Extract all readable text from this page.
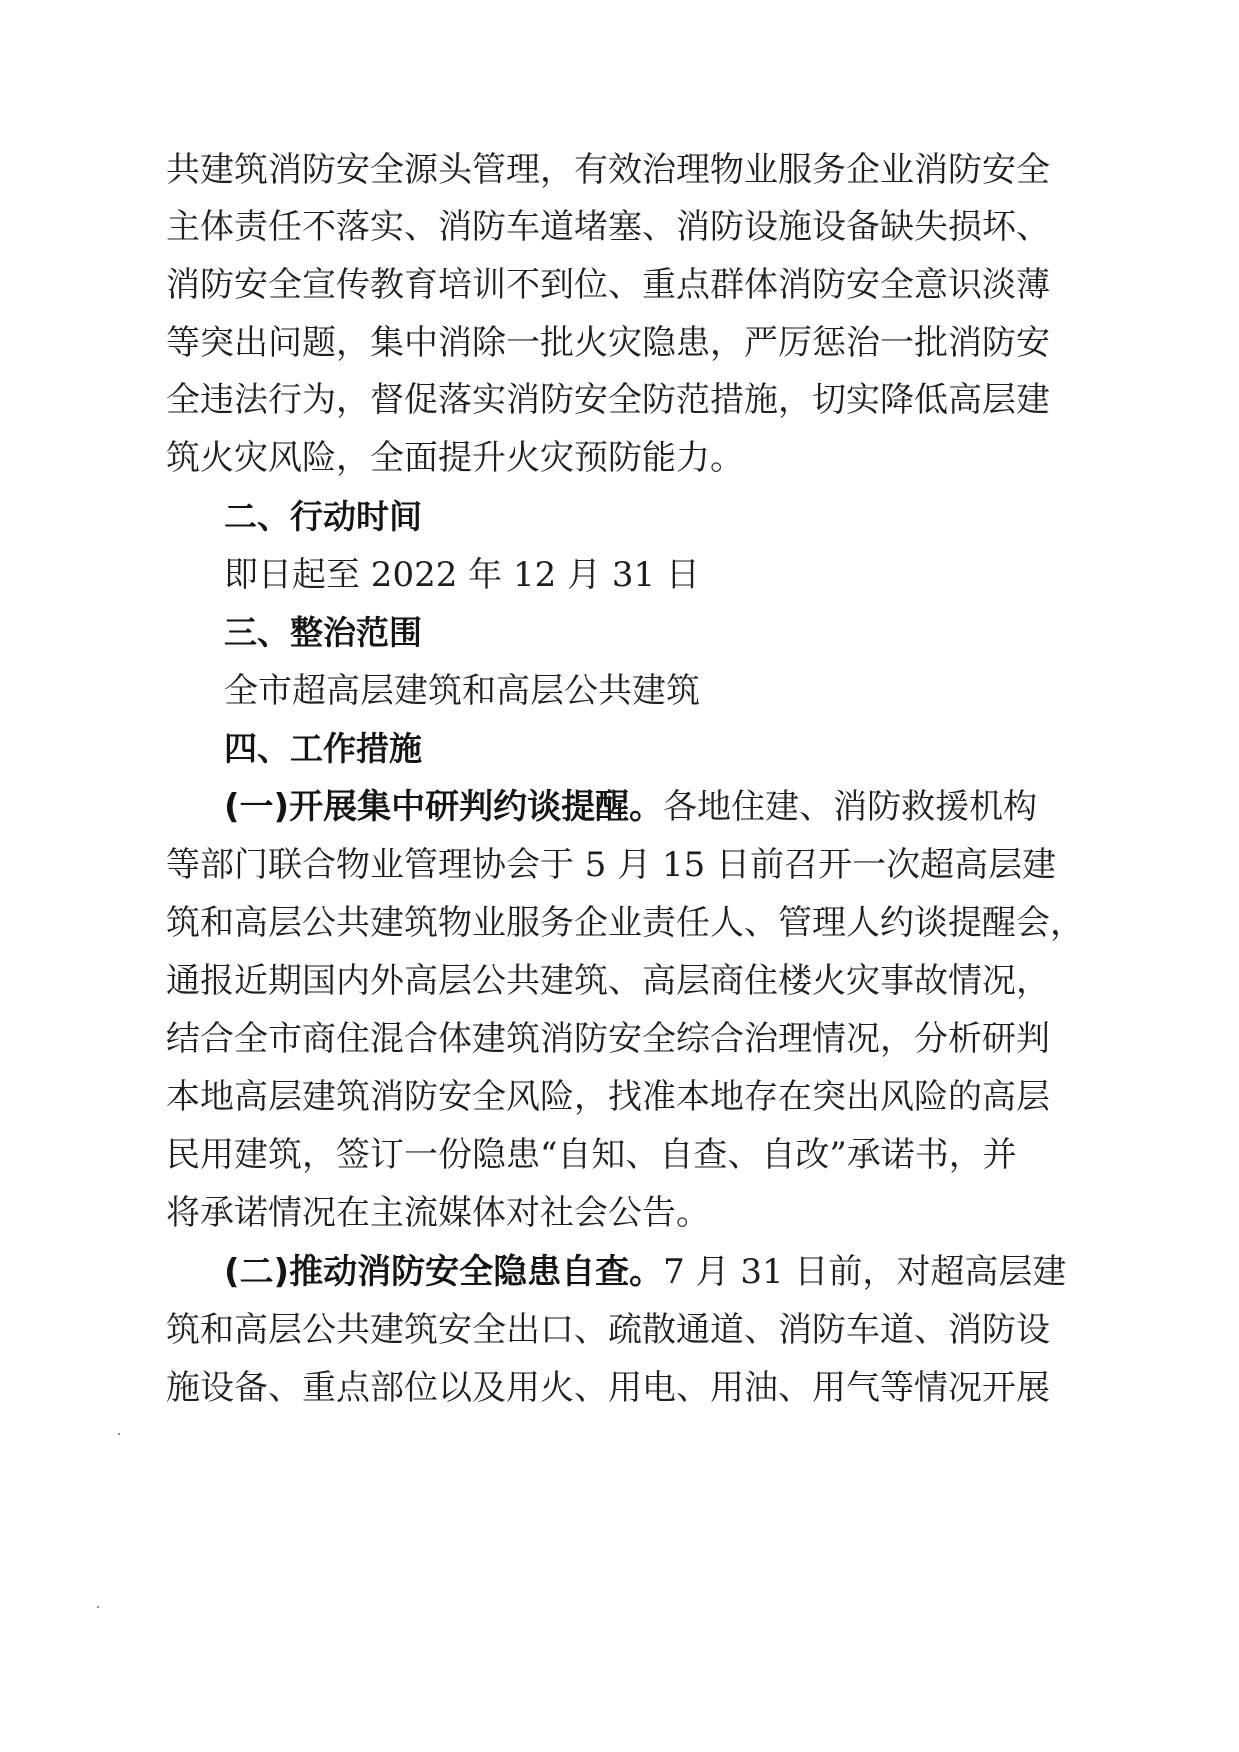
共建筑消防安全源头管理，有效治理物业服务企业消防安全
主体责任不落实、消防车道堵塞、消防设施设备缺失损坏、
消防安全宣传教育培训不到位、重点群体消防安全意识淡薄
等突出问题，集中消除一批火灾隐患，严厉惩治一批消防安
全违法行为，督促落实消防安全防范措施，切实降低高层建
筑火灾风险，全面提升火灾预防能力。
二、行动时间
即日起至 2022 年 12 月 31 日
三、整治范围
全市超高层建筑和高层公共建筑
四、工作措施
(一)开展集中研判约谈提醒。各地住建、消防救援机构
等部门联合物业管理协会于 5 月 15 日前召开一次超高层建
筑和高层公共建筑物业服务企业责任人、管理人约谈提醒会，
通报近期国内外高层公共建筑、高层商住楼火灾事故情况，
结合全市商住混合体建筑消防安全综合治理情况，分析研判
本地高层建筑消防安全风险，找准本地存在突出风险的高层
民用建筑，签订一份隐患“自知、自查、自改”承诺书，并
将承诺情况在主流媒体对社会公告。
(二)推动消防安全隐患自查。7 月 31 日前，对超高层建
筑和高层公共建筑安全出口、疏散通道、消防车道、消防设
施设备、重点部位以及用火、用电、用油、用气等情况开展
